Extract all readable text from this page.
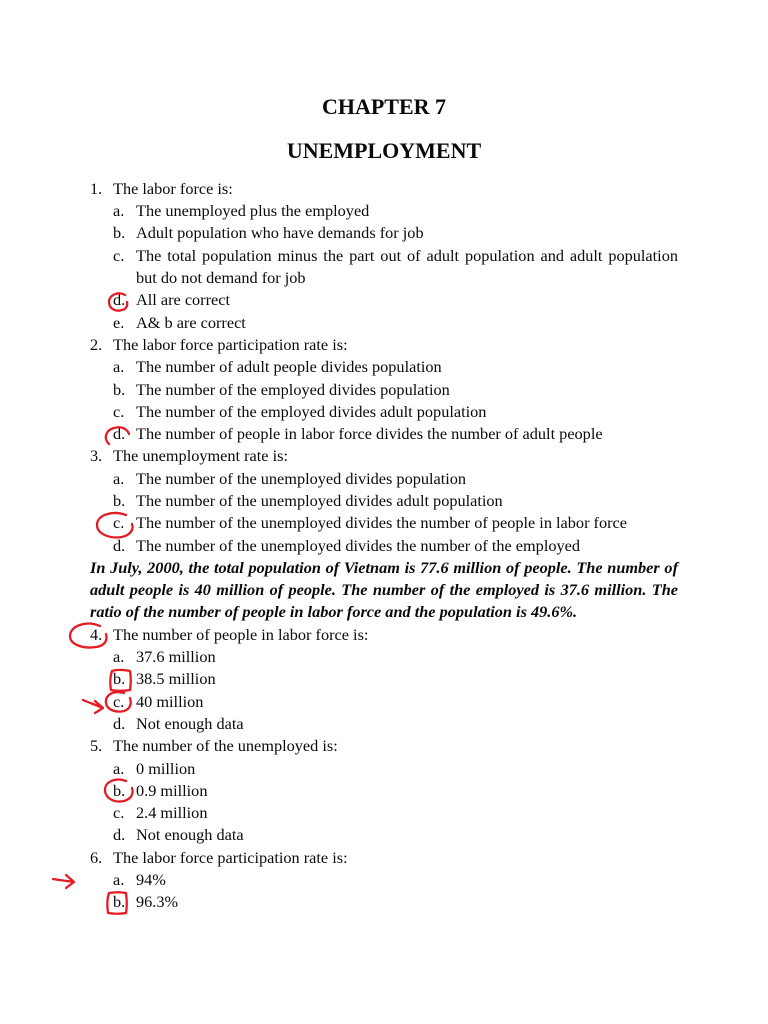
CHAPTER 7
UNEMPLOYMENT
1. The labor force is:
a. The unemployed plus the employed
b. Adult population who have demands for job
c. The total population minus the part out of adult population and adult population
but do not demand for job
d. All are correct
e. A& b are correct
2. The labor force participation rate is:
a. The number of adult people divides population
b. The number of the employed divides population
c. The number of the employed divides adult population
d. The number of people in labor force divides the number of adult people
3. The unemployment rate is:
a. The number of the unemployed divides population
b. The number of the unemployed divides adult population
c. The number of the unemployed divides the number of people in labor force
d. The number of the unemployed divides the number of the employed
In July, 2000, the total population of Vietnam is 77.6 million of people. The number of
adult people is 40 million of people. The number of the employed is 37.6 million. The
ratio of the number of people in labor force and the population is 49.6%.
4. The number of people in labor force is:
a. 37.6 million
b. 38.5 million
c. 40 million
d. Not enough data
5. The number of the unemployed is:
a. 0 million
b. 0.9 million
c. 2.4 million
d. Not enough data
6. The labor force participation rate is:
a. 94%
b. 96.3%
